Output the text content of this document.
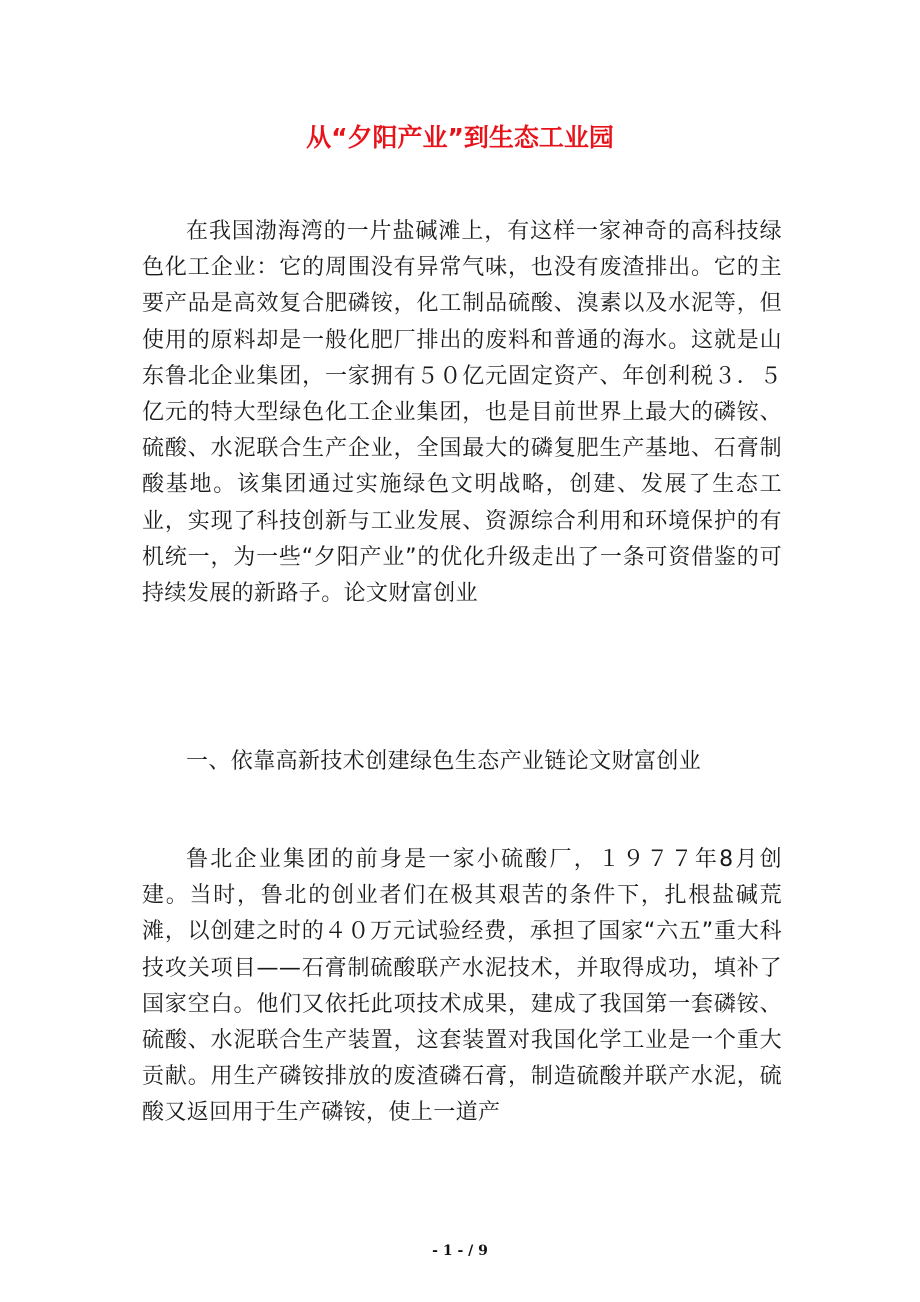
从“夕阳产业”到生态工业园

在我国渤海湾的一片盐碱滩上，有这样一家神奇的高科技绿色化工企业：它的周围没有异常气味，也没有废渣排出。它的主要产品是高效复合肥磷铵，化工制品硫酸、溴素以及水泥等，但使用的原料却是一般化肥厂排出的废料和普通的海水。这就是山东鲁北企业集团，一家拥有５０亿元固定资产、年创利税３．５亿元的特大型绿色化工企业集团，也是目前世界上最大的磷铵、硫酸、水泥联合生产企业，全国最大的磷复肥生产基地、石膏制酸基地。该集团通过实施绿色文明战略，创建、发展了生态工业，实现了科技创新与工业发展、资源综合利用和环境保护的有机统一，为一些“夕阳产业”的优化升级走出了一条可资借鉴的可持续发展的新路子。论文财富创业

一、依靠高新技术创建绿色生态产业链论文财富创业

鲁北企业集团的前身是一家小硫酸厂，１９７７年8月创建。当时，鲁北的创业者们在极其艰苦的条件下，扎根盐碱荒滩，以创建之时的４０万元试验经费，承担了国家“六五”重大科技攻关项目——石膏制硫酸联产水泥技术，并取得成功，填补了国家空白。他们又依托此项技术成果，建成了我国第一套磷铵、硫酸、水泥联合生产装置，这套装置对我国化学工业是一个重大贡献。用生产磷铵排放的废渣磷石膏，制造硫酸并联产水泥，硫酸又返回用于生产磷铵，使上一道产

- 1 - / 9
